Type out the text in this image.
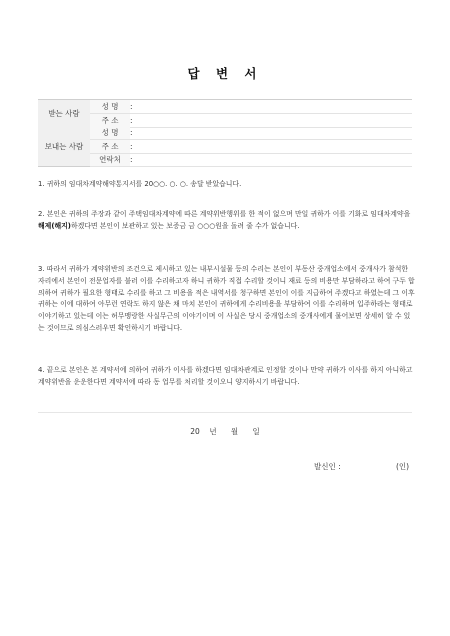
답 변 서
받는 사람	성 명	:	
	주 소	:	
보내는 사람	성 명	:	
	주 소	:	
	연락처	:	

1. 귀하의 임대차계약해약통지서를 20○○. ○. ○. 송달 받았습니다.

2. 본인은 귀하의 주장과 같이 주택임대차계약에 따른 계약위반행위를 한 적이 없으며 만일 귀하가 이를 기화로 임대차계약을 해제(해지)하겠다면 본인이 보관하고 있는 보증금 금 ○○○원을 돌려 줄 수가 없습니다.

3. 따라서 귀하가 계약위반의 조건으로 제시하고 있는 내부시설물 등의 수리는 본인이 부동산 중개업소에서 중개사가 참석한 자리에서 본인이 전문업자를 불러 이를 수리하고자 하니 귀하가 직접 수리할 것이니 재료 등의 비용만 부담하라고 하여 구두 합의하여 귀하가 필요한 형태로 수리를 하고 그 비용을 적은 내역서를 청구하면 본인이 이를 지급하여 주겠다고 하였는데 그 이후 귀하는 이에 대하여 아무런 연락도 하지 않은 채 마치 본인이 귀하에게 수리비용을 부담하여 이를 수리하며 입주하라는 형태로 이야기하고 있는데 이는 허무맹랑한 사실무근의 이야기이며 이 사실은 당시 중개업소의 중개사에게 물어보면 상세히 알 수 있는 것이므로 의심스러우면 확인하시기 바랍니다.

4. 끝으로 본인은 본 계약서에 의하여 귀하가 이사를 하겠다면 임대차관계로 인정할 것이나 만약 귀하가 이사를 하지 아니하고 계약위반을 운운한다면 계약서에 따라 동 업무를 처리할 것이오니 양지하시기 바랍니다.

20 년 월 일
발신인 :	(인)
